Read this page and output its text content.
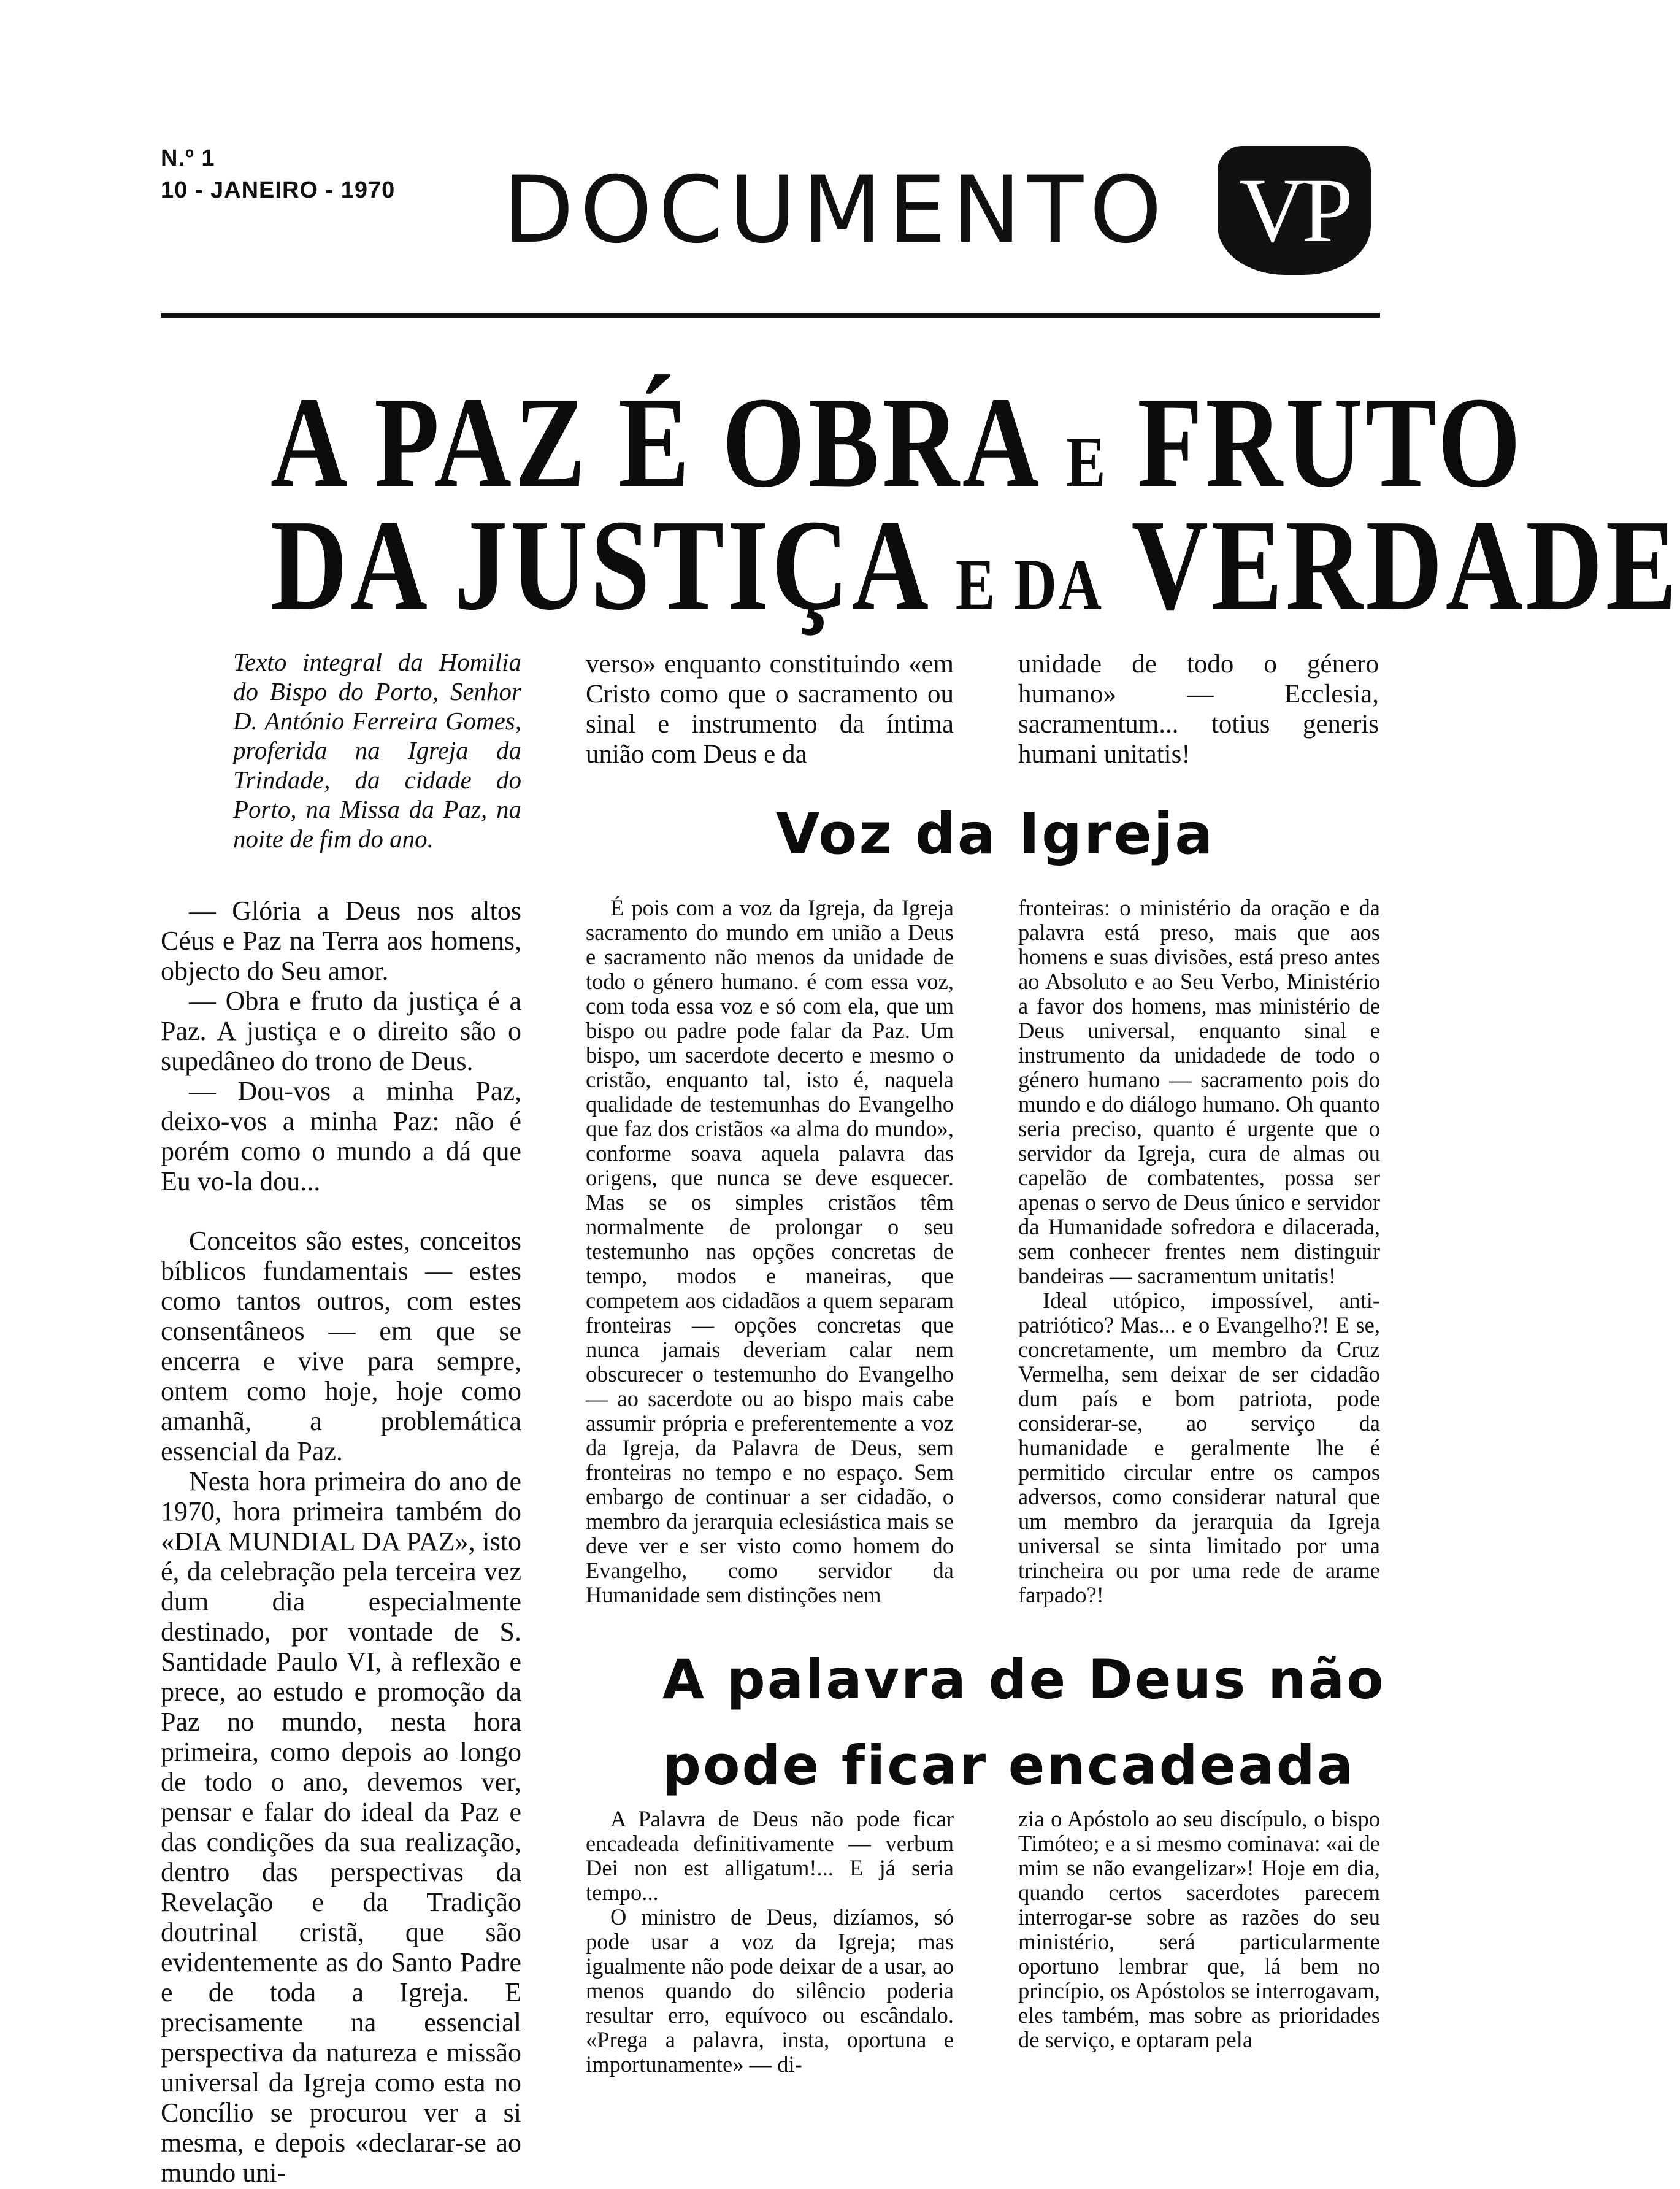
N.º 1
10 - JANEIRO - 1970 DOCUMENTO VP
A PAZ É OBRA E FRUTO
DA JUSTIÇA E DA VERDADE
Texto integral da Homilia do Bispo do Porto, Senhor D. António Ferreira Gomes, proferida na Igreja da Trindade, da cidade do Porto, na Missa da Paz, na noite de fim do ano.

— Glória a Deus nos altos Céus e Paz na Terra aos homens, objecto do Seu amor.

— Obra e fruto da justiça é a Paz. A justiça e o direito são o supedâneo do trono de Deus.

— Dou-vos a minha Paz, deixo-vos a minha Paz: não é porém como o mundo a dá que Eu vo-la dou...

Conceitos são estes, conceitos bíblicos fundamentais — estes como tantos outros, com estes consentâneos — em que se encerra e vive para sempre, ontem como hoje, hoje como amanhã, a problemática essencial da Paz.

Nesta hora primeira do ano de 1970, hora primeira também do «DIA MUNDIAL DA PAZ», isto é, da celebração pela terceira vez dum dia especialmente destinado, por vontade de S. Santidade Paulo VI, à reflexão e prece, ao estudo e promoção da Paz no mundo, nesta hora primeira, como depois ao longo de todo o ano, devemos ver, pensar e falar do ideal da Paz e das condições da sua realização, dentro das perspectivas da Revelação e da Tradição doutrinal cristã, que são evidentemente as do Santo Padre e de toda a Igreja. E precisamente na essencial perspectiva da natureza e missão universal da Igreja como esta no Concílio se procurou ver a si mesma, e depois «declarar-se ao mundo uni-

verso» enquanto constituindo «em Cristo como que o sacramento ou sinal e instrumento da íntima união com Deus e da
unidade de todo o género humano» — Ecclesia, sacramentum... totius generis humani unitatis!
Voz da Igreja

É pois com a voz da Igreja, da Igreja sacramento do mundo em união a Deus e sacramento não menos da unidade de todo o género humano. é com essa voz, com toda essa voz e só com ela, que um bispo ou padre pode falar da Paz. Um bispo, um sacerdote decerto e mesmo o cristão, enquanto tal, isto é, naquela qualidade de testemunhas do Evangelho que faz dos cristãos «a alma do mundo», conforme soava aquela palavra das origens, que nunca se deve esquecer. Mas se os simples cristãos têm normalmente de prolongar o seu testemunho nas opções concretas de tempo, modos e maneiras, que competem aos cidadãos a quem separam fronteiras — opções concretas que nunca jamais deveriam calar nem obscurecer o testemunho do Evangelho — ao sacerdote ou ao bispo mais cabe assumir própria e preferentemente a voz da Igreja, da Palavra de Deus, sem fronteiras no tempo e no espaço. Sem embargo de continuar a ser cidadão, o membro da jerarquia eclesiástica mais se deve ver e ser visto como homem do Evangelho, como servidor da Humanidade sem distinções nem

fronteiras: o ministério da oração e da palavra está preso, mais que aos homens e suas divisões, está preso antes ao Absoluto e ao Seu Verbo, Ministério a favor dos homens, mas ministério de Deus universal, enquanto sinal e instrumento da unidadede de todo o género humano — sacramento pois do mundo e do diálogo humano. Oh quanto seria preciso, quanto é urgente que o servidor da Igreja, cura de almas ou capelão de combatentes, possa ser apenas o servo de Deus único e servidor da Humanidade sofredora e dilacerada, sem conhecer frentes nem distinguir bandeiras — sacramentum unitatis!

Ideal utópico, impossível, anti-patriótico? Mas... e o Evangelho?! E se, concretamente, um membro da Cruz Vermelha, sem deixar de ser cidadão dum país e bom patriota, pode considerar-se, ao serviço da humanidade e geralmente lhe é permitido circular entre os campos adversos, como considerar natural que um membro da jerarquia da Igreja universal se sinta limitado por uma trincheira ou por uma rede de arame farpado?!

A palavra de Deus não
pode ficar encadeada

A Palavra de Deus não pode ficar encadeada definitivamente — verbum Dei non est alligatum!... E já seria tempo...

O ministro de Deus, dizíamos, só pode usar a voz da Igreja; mas igualmente não pode deixar de a usar, ao menos quando do silêncio poderia resultar erro, equívoco ou escândalo. «Prega a palavra, insta, oportuna e importunamente» — di-

zia o Apóstolo ao seu discípulo, o bispo Timóteo; e a si mesmo cominava: «ai de mim se não evangelizar»! Hoje em dia, quando certos sacerdotes parecem interrogar-se sobre as razões do seu ministério, será particularmente oportuno lembrar que, lá bem no princípio, os Apóstolos se interrogavam, eles também, mas sobre as prioridades de serviço, e optaram pela
